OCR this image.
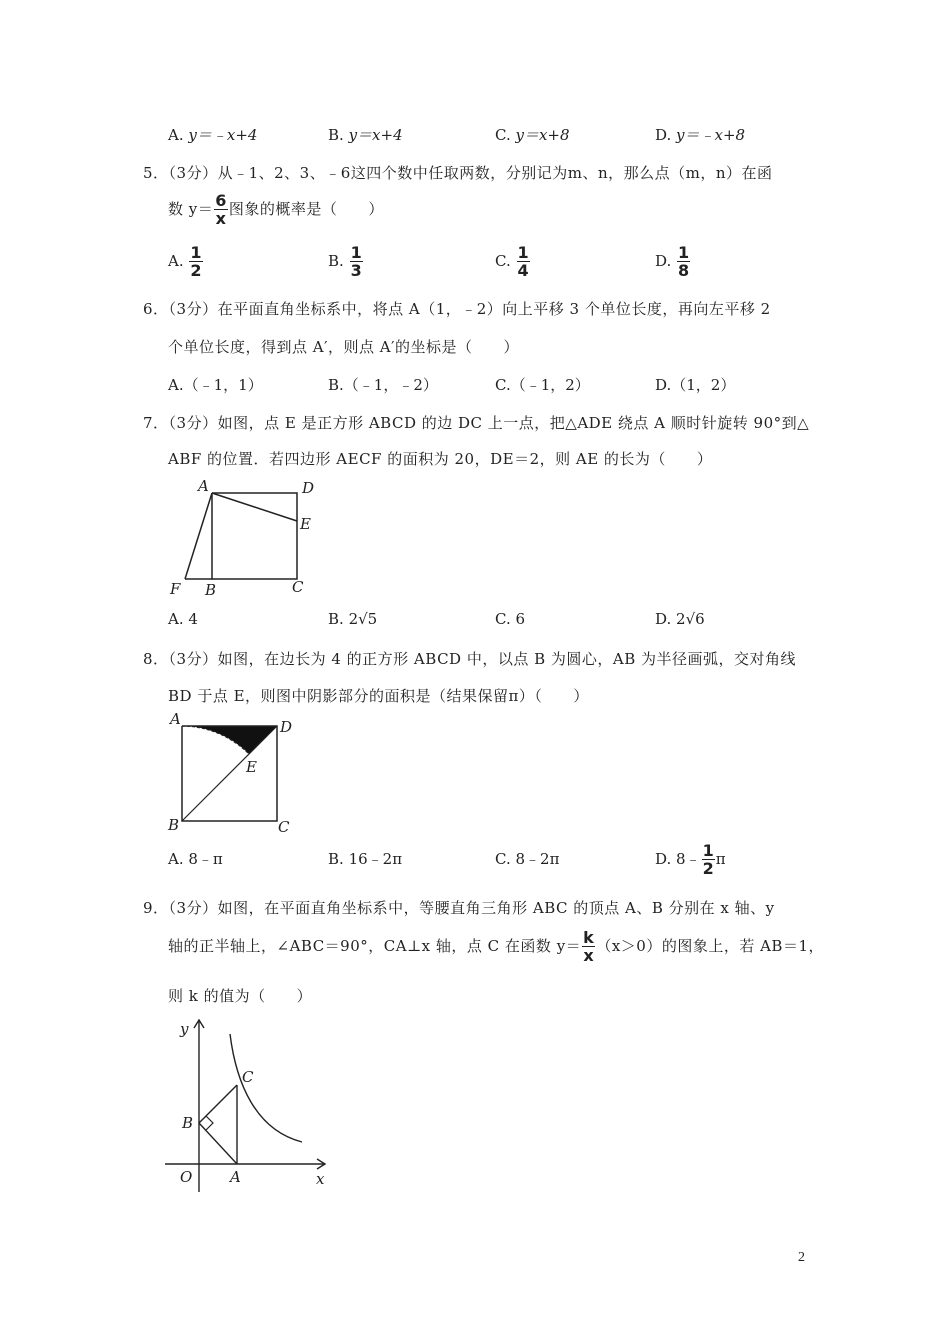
A. y＝﹣x+4	B. y＝x+4	C. y＝x+8	D. y＝﹣x+8
5．（3分）从﹣1、2、3、﹣6这四个数中任取两数，分别记为m、n，那么点（m，n）在函
数 $y= \frac{6}{x}$ 图象的概率是（　　）
A. $\frac{1}{2}$	B. $\frac{1}{3}$	C. $\frac{1}{4}$	D. $\frac{1}{8}$
6．（3分）在平面直角坐标系中，将点 A（1，﹣2）向上平移 3 个单位长度，再向左平移 2
个单位长度，得到点 A′，则点 A′的坐标是（　　）
A.（﹣1，1）	B.（﹣1，﹣2）	C.（﹣1，2）	D.（1，2）
7．（3分）如图，点 E 是正方形 ABCD 的边 DC 上一点，把△ADE 绕点 A 顺时针旋转 90°到△
ABF 的位置．若四边形 AECF 的面积为 20，DE＝2，则 AE 的长为（　　）
A	D
E
C
B
F
A. 4	B. 2√5	C. 6	D. 2√6
8．（3分）如图，在边长为 4 的正方形 ABCD 中，以点 B 为圆心，AB 为半径画弧，交对角线
BD 于点 E，则图中阴影部分的面积是（结果保留π）（　　）
A	D
E
B	C
A. 8﹣π	B. 16﹣2π	C. 8﹣2π	D. 8﹣ $\frac{1}{2}$ π
9．（3分）如图，在平面直角坐标系中，等腰直角三角形 ABC 的顶点 A、B 分别在 x 轴、y
轴的正半轴上，∠ABC＝90°，CA⊥x 轴，点 C 在函数 $y= \frac{k}{x} (x>0)$的图象上，若 AB＝1，
则 k 的值为（　　）
y
x
O	A
B
C
2
